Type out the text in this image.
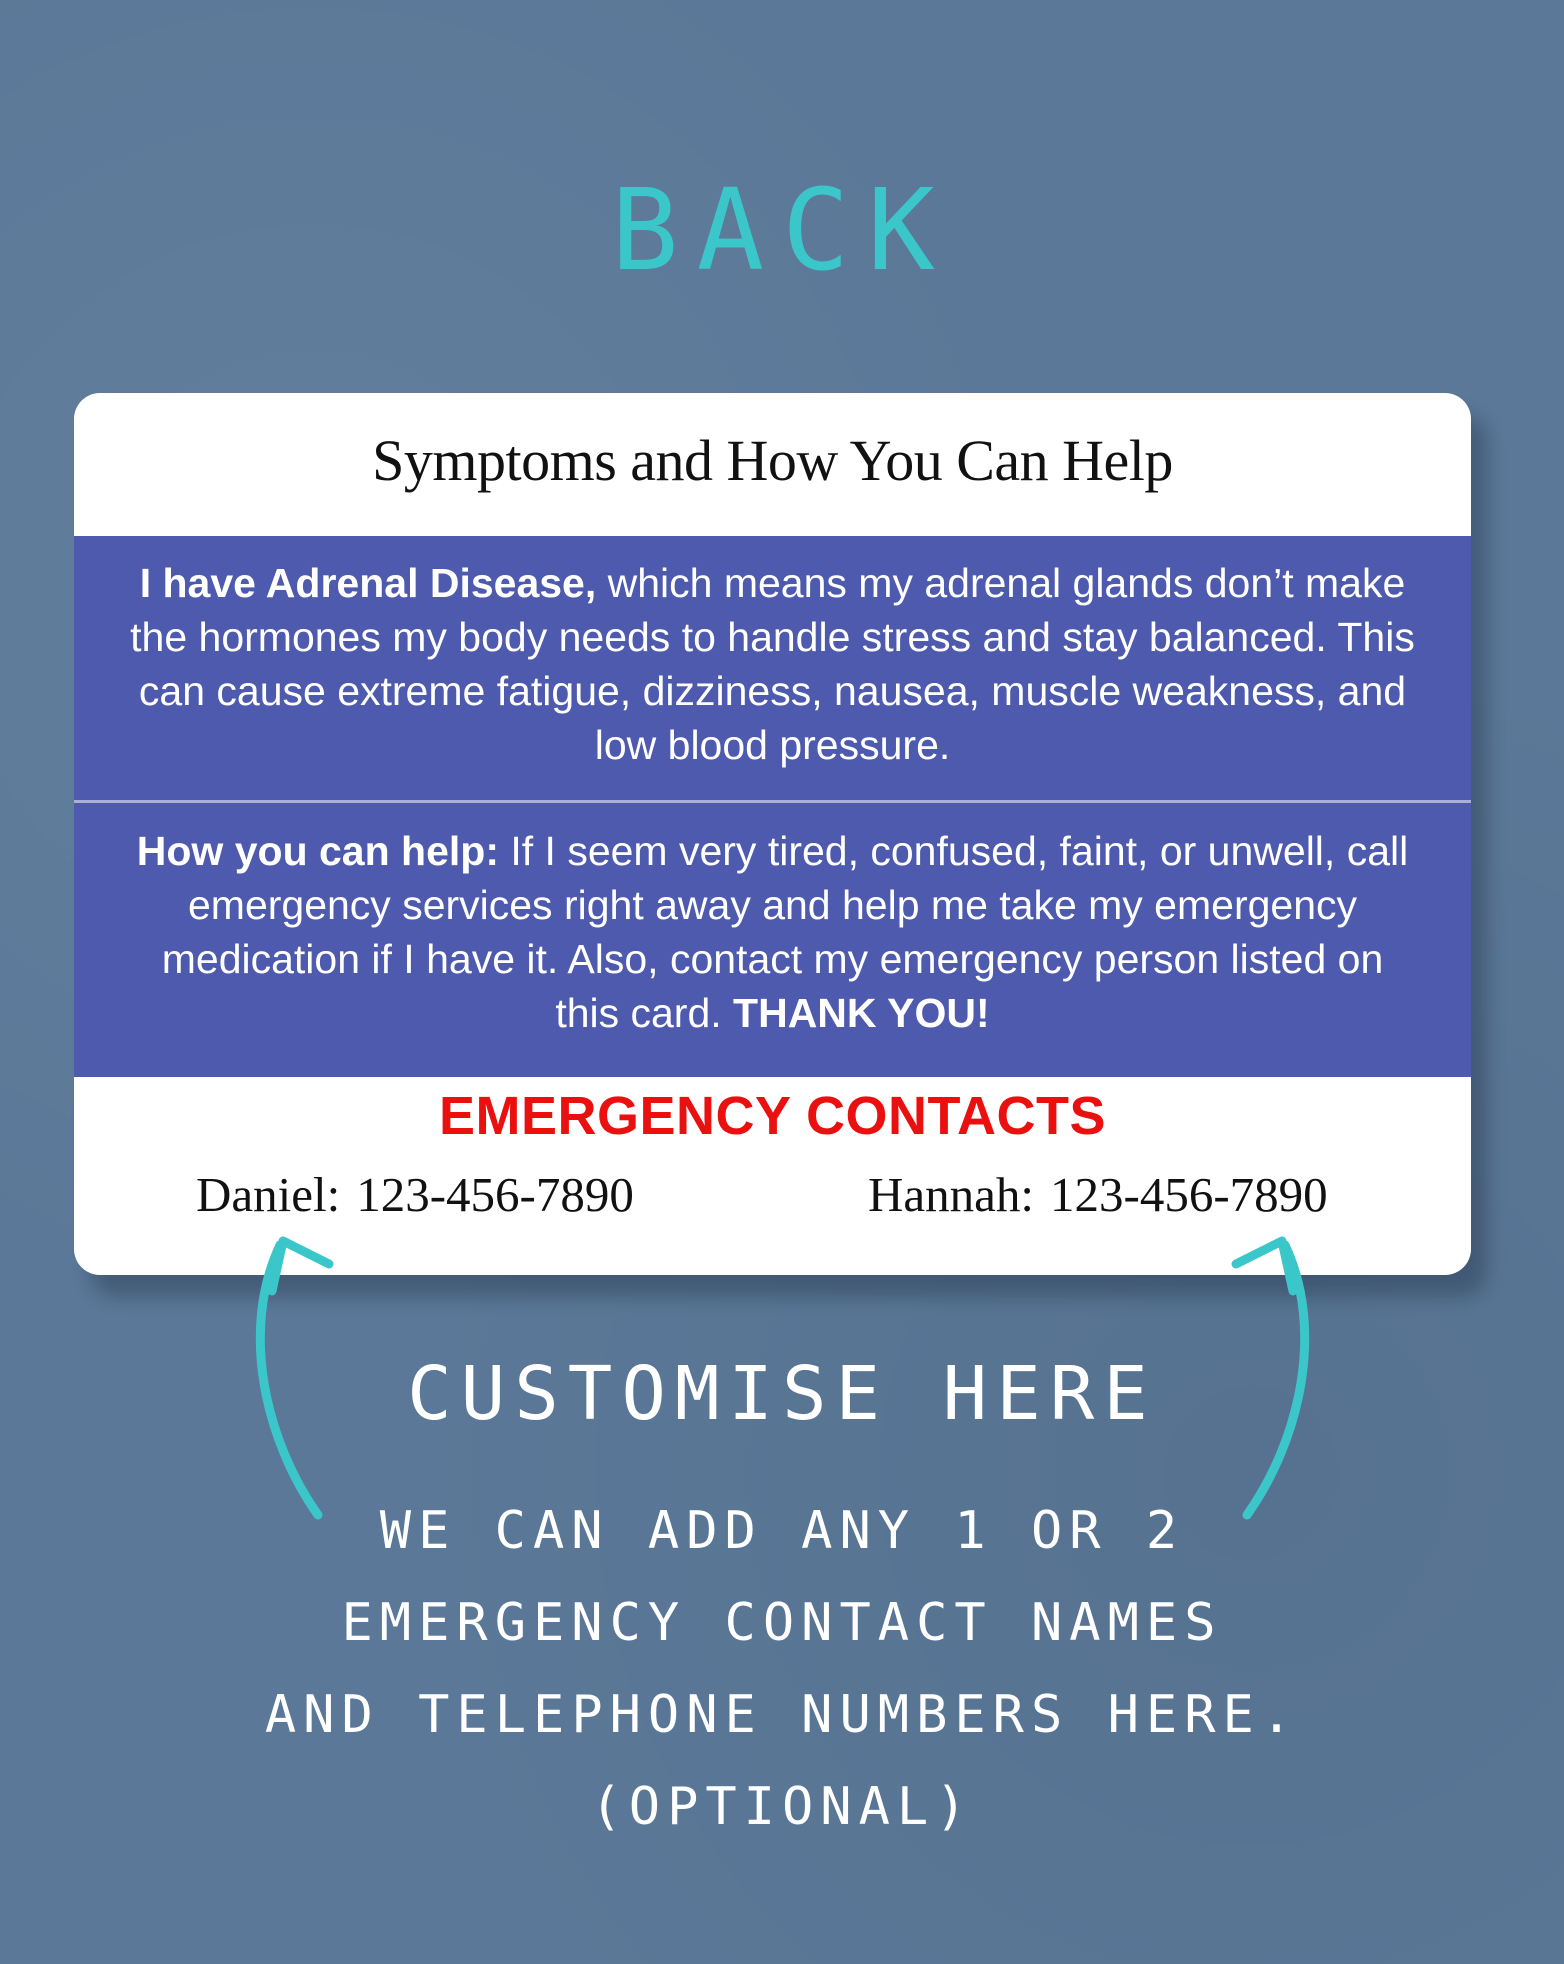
BACK
Symptoms and How You Can Help
I have Adrenal Disease, which means my adrenal glands don’t make the hormones my body needs to handle stress and stay balanced. This can cause extreme fatigue, dizziness, nausea, muscle weakness, and low blood pressure.
How you can help: If I seem very tired, confused, faint, or unwell, call emergency services right away and help me take my emergency medication if I have it. Also, contact my emergency person listed on this card. THANK YOU!
EMERGENCY CONTACTS
Daniel: 123-456-7890	Hannah: 123-456-7890
CUSTOMISE HERE
WE CAN ADD ANY 1 OR 2
EMERGENCY CONTACT NAMES
AND TELEPHONE NUMBERS HERE.
(OPTIONAL)
